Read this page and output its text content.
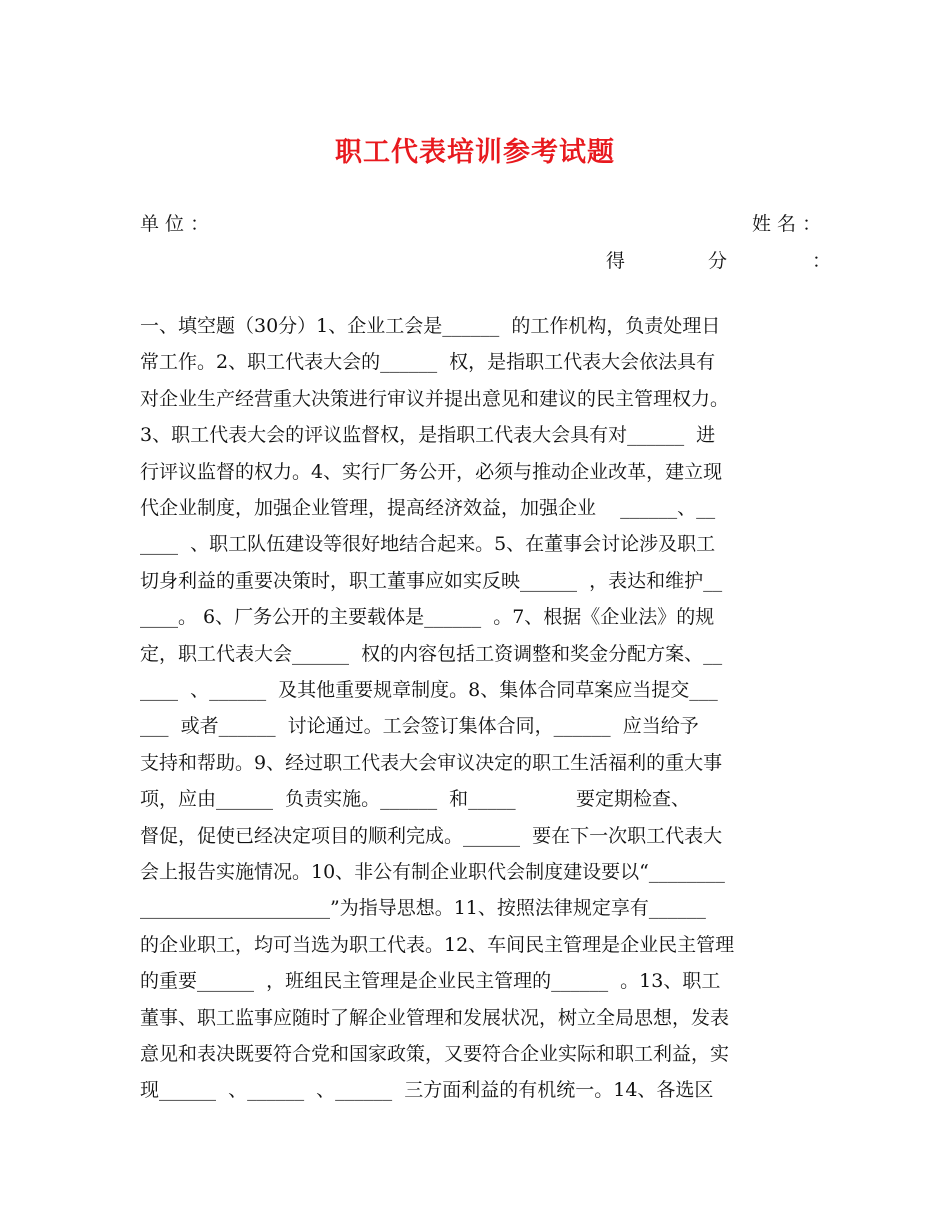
职工代表培训参考试题
单 位 ：	姓 名 ：
得	分	：
一、填空题（30分）1、企业工会是______  的工作机构，负责处理日
常工作。2、职工代表大会的______  权，是指职工代表大会依法具有
对企业生产经营重大决策进行审议并提出意见和建议的民主管理权力。
3、职工代表大会的评议监督权，是指职工代表大会具有对______  进
行评议监督的权力。4、实行厂务公开，必须与推动企业改革，建立现
代企业制度，加强企业管理，提高经济效益，加强企业    ______、__
____  、职工队伍建设等很好地结合起来。5、在董事会讨论涉及职工
切身利益的重要决策时，职工董事应如实反映______  ，表达和维护__
____。 6、厂务公开的主要载体是______  。7、根据《企业法》的规
定，职工代表大会______  权的内容包括工资调整和奖金分配方案、__
____  、______  及其他重要规章制度。8、集体合同草案应当提交___
___  或者______  讨论通过。工会签订集体合同，______  应当给予
支持和帮助。9、经过职工代表大会审议决定的职工生活福利的重大事
项，应由______  负责实施。______  和_____          要定期检查、
督促，促使已经决定项目的顺利完成。______  要在下一次职工代表大
会上报告实施情况。10、非公有制企业职代会制度建设要以“________
____________________”为指导思想。11、按照法律规定享有______
的企业职工，均可当选为职工代表。12、车间民主管理是企业民主管理
的重要______  ，班组民主管理是企业民主管理的______  。13、职工
董事、职工监事应随时了解企业管理和发展状况，树立全局思想，发表
意见和表决既要符合党和国家政策，又要符合企业实际和职工利益，实
现______  、______  、______  三方面利益的有机统一。14、各选区
